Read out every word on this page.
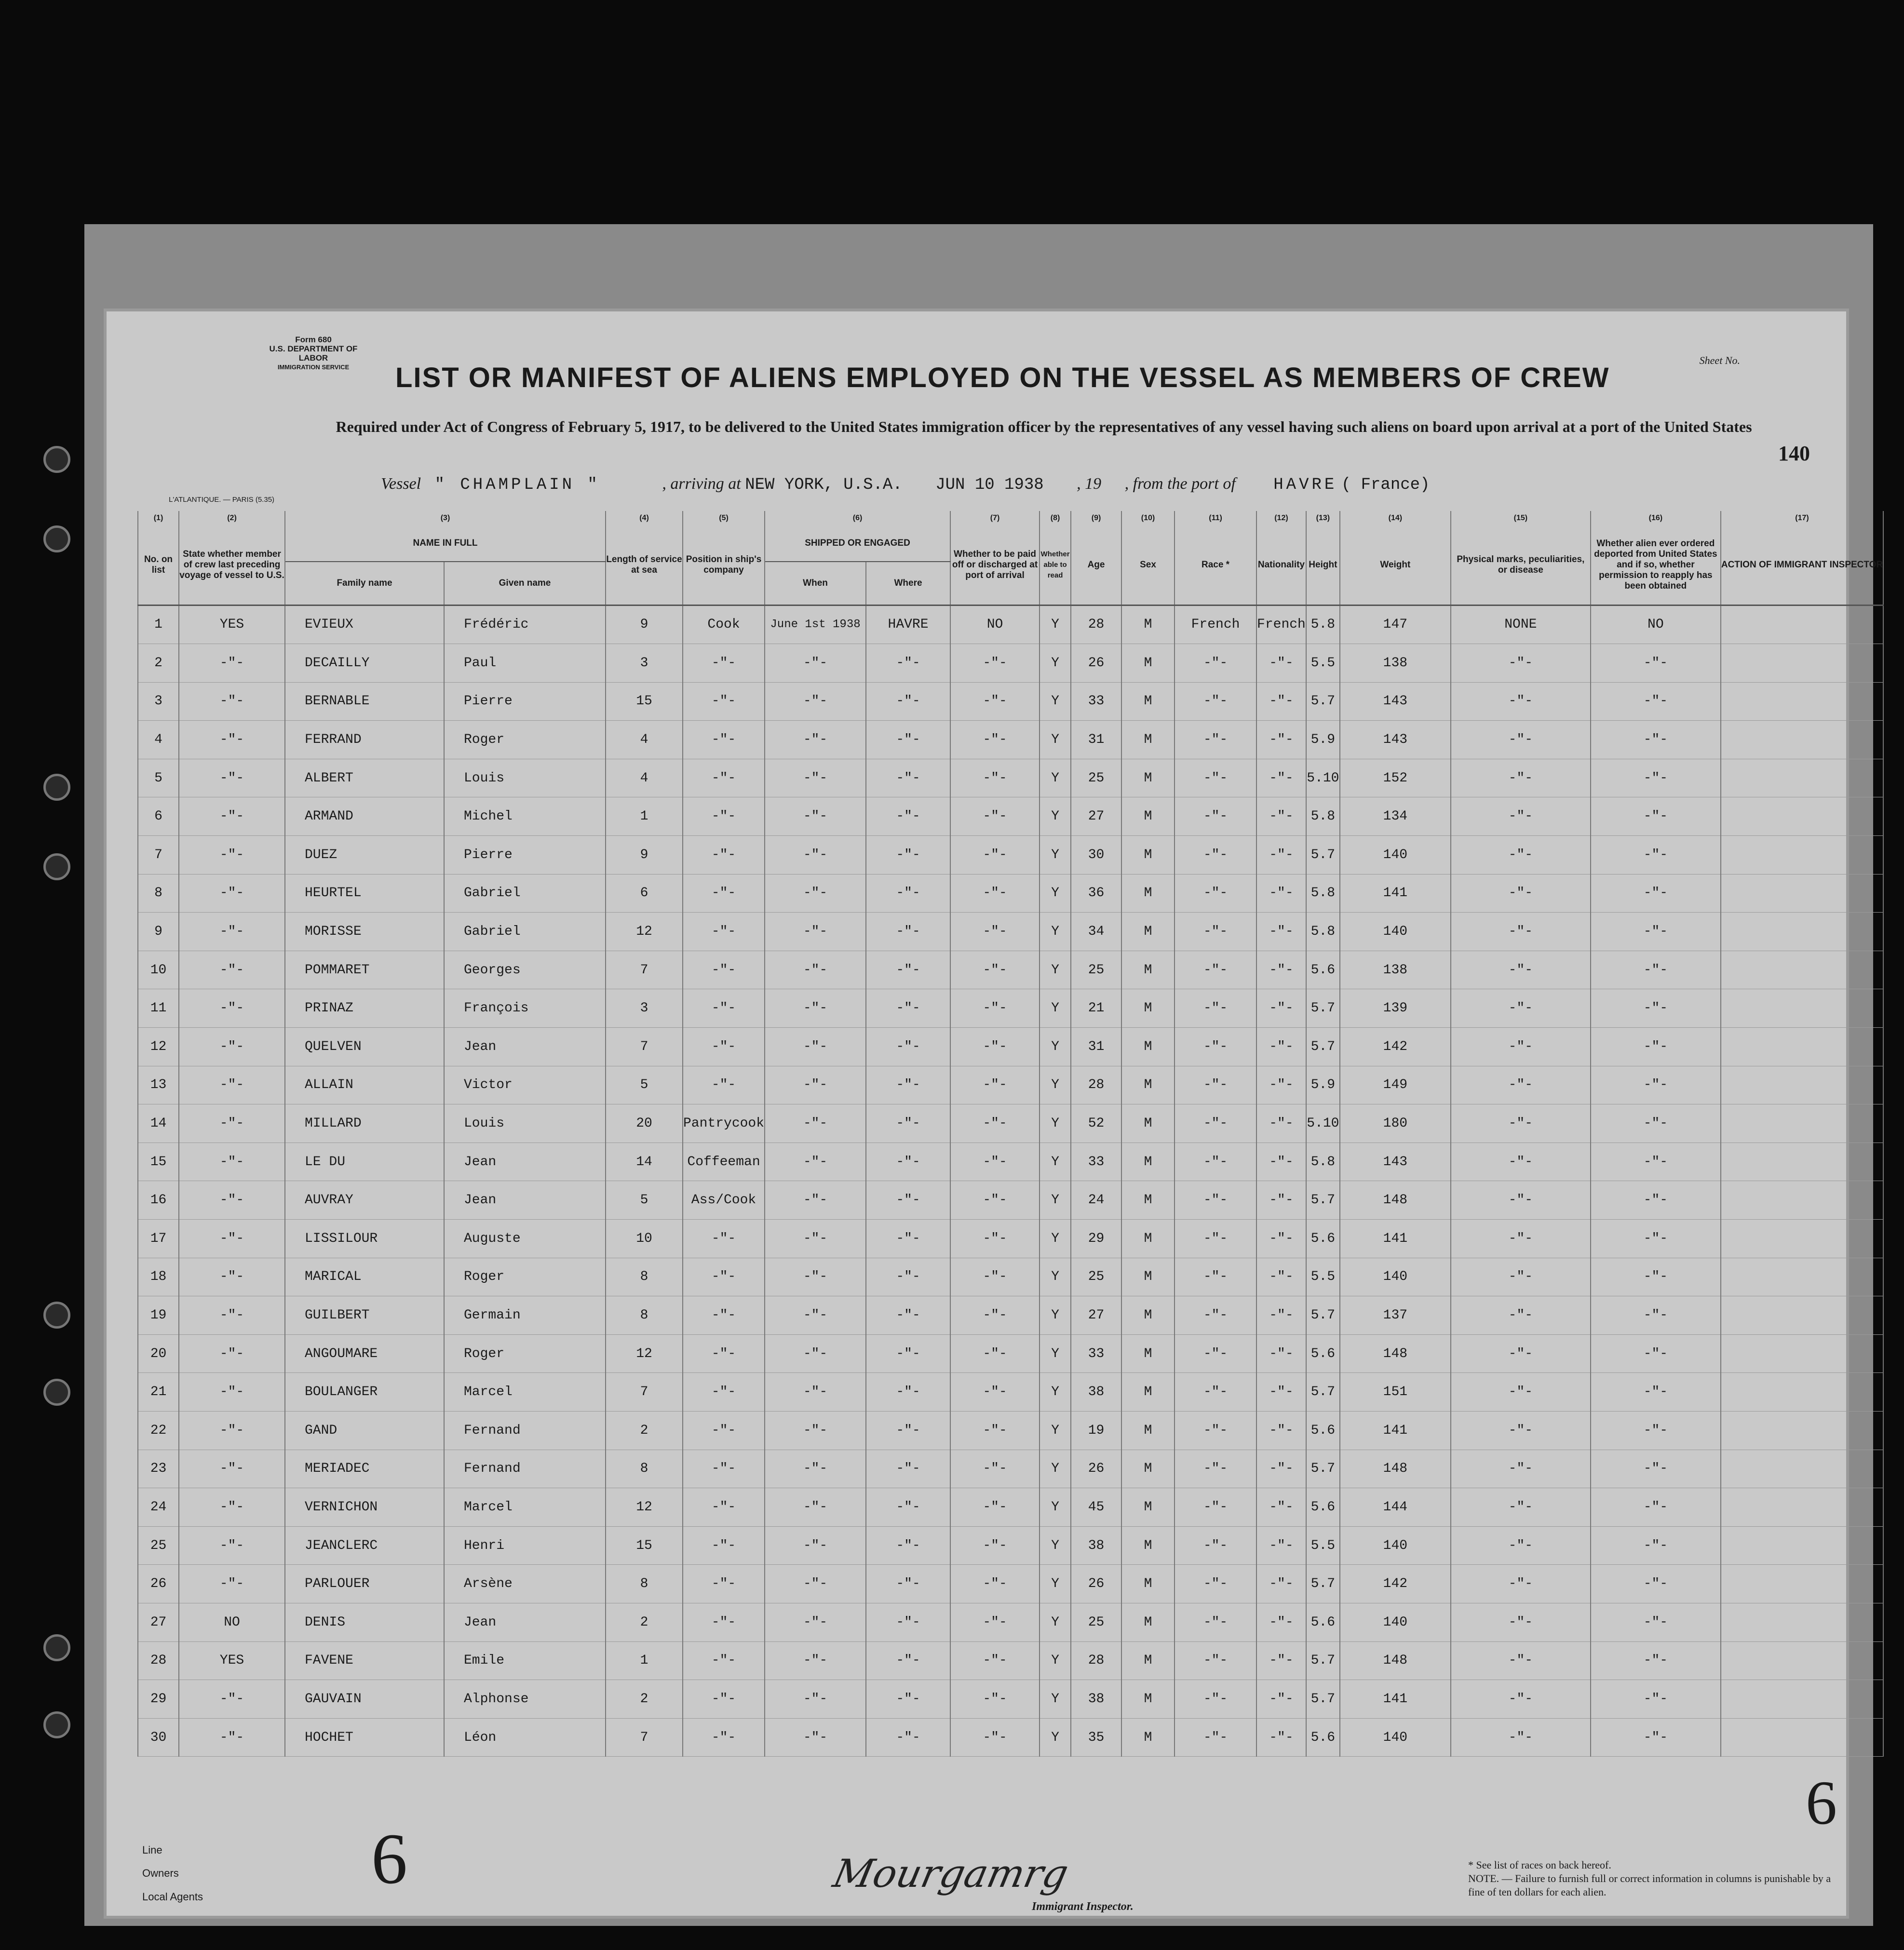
Form 680
U.S. DEPARTMENT OF LABOR
IMMIGRATION SERVICE
Sheet No.
LIST OR MANIFEST OF ALIENS EMPLOYED ON THE VESSEL AS MEMBERS OF CREW
Required under Act of Congress of February 5, 1917, to be delivered to the United States immigration officer by the representatives of any vessel having such aliens on board upon arrival at a port of the United States
140
Vessel " CHAMPLAIN "	, arriving at NEW YORK, U.S.A. JUN 10 1938 , 19 , from the port of HAVRE ( France)
L'ATLANTIQUE. — PARIS (5.35)
(1)	(2)	(3)		(4)	(5)	(6)		(7)	(8)	(9)	(10)	(11)	(12)	(13)	(14)	(15)	(16)	(17)
No. on list	State whether member of crew last preceding voyage of vessel to U.S.	NAME IN FULL		Length of service at sea	Position in ship's company	SHIPPED OR ENGAGED		Whether to be paid off or discharged at port of arrival	Whether able to read	Age	Sex	Race *	Nationality	Height	Weight	Physical marks, peculiarities, or disease	Whether alien ever ordered deported from United States and if so, whether permission to reapply has been obtained	ACTION OF IMMIGRANT INSPECTOR
		Family name	Given name			When	Where											
1	YES	EVIEUX	Frédéric	9	Cook	June 1st 1938	HAVRE	NO	Y	28	M	French	French	5.8	147	NONE	NO	
2	-"-	DECAILLY	Paul	3	-"-	-"-	-"-	-"-	Y	26	M	-"-	-"-	5.5	138	-"-	-"-	
3	-"-	BERNABLE	Pierre	15	-"-	-"-	-"-	-"-	Y	33	M	-"-	-"-	5.7	143	-"-	-"-	
4	-"-	FERRAND	Roger	4	-"-	-"-	-"-	-"-	Y	31	M	-"-	-"-	5.9	143	-"-	-"-	
5	-"-	ALBERT	Louis	4	-"-	-"-	-"-	-"-	Y	25	M	-"-	-"-	5.10	152	-"-	-"-	
6	-"-	ARMAND	Michel	1	-"-	-"-	-"-	-"-	Y	27	M	-"-	-"-	5.8	134	-"-	-"-	
7	-"-	DUEZ	Pierre	9	-"-	-"-	-"-	-"-	Y	30	M	-"-	-"-	5.7	140	-"-	-"-	
8	-"-	HEURTEL	Gabriel	6	-"-	-"-	-"-	-"-	Y	36	M	-"-	-"-	5.8	141	-"-	-"-	
9	-"-	MORISSE	Gabriel	12	-"-	-"-	-"-	-"-	Y	34	M	-"-	-"-	5.8	140	-"-	-"-	
10	-"-	POMMARET	Georges	7	-"-	-"-	-"-	-"-	Y	25	M	-"-	-"-	5.6	138	-"-	-"-	
11	-"-	PRINAZ	François	3	-"-	-"-	-"-	-"-	Y	21	M	-"-	-"-	5.7	139	-"-	-"-	
12	-"-	QUELVEN	Jean	7	-"-	-"-	-"-	-"-	Y	31	M	-"-	-"-	5.7	142	-"-	-"-	
13	-"-	ALLAIN	Victor	5	-"-	-"-	-"-	-"-	Y	28	M	-"-	-"-	5.9	149	-"-	-"-	
14	-"-	MILLARD	Louis	20	Pantrycook	-"-	-"-	-"-	Y	52	M	-"-	-"-	5.10	180	-"-	-"-	
15	-"-	LE DU	Jean	14	Coffeeman	-"-	-"-	-"-	Y	33	M	-"-	-"-	5.8	143	-"-	-"-	
16	-"-	AUVRAY	Jean	5	Ass/Cook	-"-	-"-	-"-	Y	24	M	-"-	-"-	5.7	148	-"-	-"-	
17	-"-	LISSILOUR	Auguste	10	-"-	-"-	-"-	-"-	Y	29	M	-"-	-"-	5.6	141	-"-	-"-	
18	-"-	MARICAL	Roger	8	-"-	-"-	-"-	-"-	Y	25	M	-"-	-"-	5.5	140	-"-	-"-	
19	-"-	GUILBERT	Germain	8	-"-	-"-	-"-	-"-	Y	27	M	-"-	-"-	5.7	137	-"-	-"-	
20	-"-	ANGOUMARE	Roger	12	-"-	-"-	-"-	-"-	Y	33	M	-"-	-"-	5.6	148	-"-	-"-	
21	-"-	BOULANGER	Marcel	7	-"-	-"-	-"-	-"-	Y	38	M	-"-	-"-	5.7	151	-"-	-"-	
22	-"-	GAND	Fernand	2	-"-	-"-	-"-	-"-	Y	19	M	-"-	-"-	5.6	141	-"-	-"-	
23	-"-	MERIADEC	Fernand	8	-"-	-"-	-"-	-"-	Y	26	M	-"-	-"-	5.7	148	-"-	-"-	
24	-"-	VERNICHON	Marcel	12	-"-	-"-	-"-	-"-	Y	45	M	-"-	-"-	5.6	144	-"-	-"-	
25	-"-	JEANCLERC	Henri	15	-"-	-"-	-"-	-"-	Y	38	M	-"-	-"-	5.5	140	-"-	-"-	
26	-"-	PARLOUER	Arsène	8	-"-	-"-	-"-	-"-	Y	26	M	-"-	-"-	5.7	142	-"-	-"-	
27	NO	DENIS	Jean	2	-"-	-"-	-"-	-"-	Y	25	M	-"-	-"-	5.6	140	-"-	-"-	
28	YES	FAVENE	Emile	1	-"-	-"-	-"-	-"-	Y	28	M	-"-	-"-	5.7	148	-"-	-"-	
29	-"-	GAUVAIN	Alphonse	2	-"-	-"-	-"-	-"-	Y	38	M	-"-	-"-	5.7	141	-"-	-"-	
30	-"-	HOCHET	Léon	7	-"-	-"-	-"-	-"-	Y	35	M	-"-	-"-	5.6	140	-"-	-"-	
Line
Owners
Local Agents 6
6
Mourgamrg
Immigrant Inspector.
* See list of races on back hereof.
NOTE. — Failure to furnish full or correct information in columns is punishable by a fine of ten dollars for each alien.
